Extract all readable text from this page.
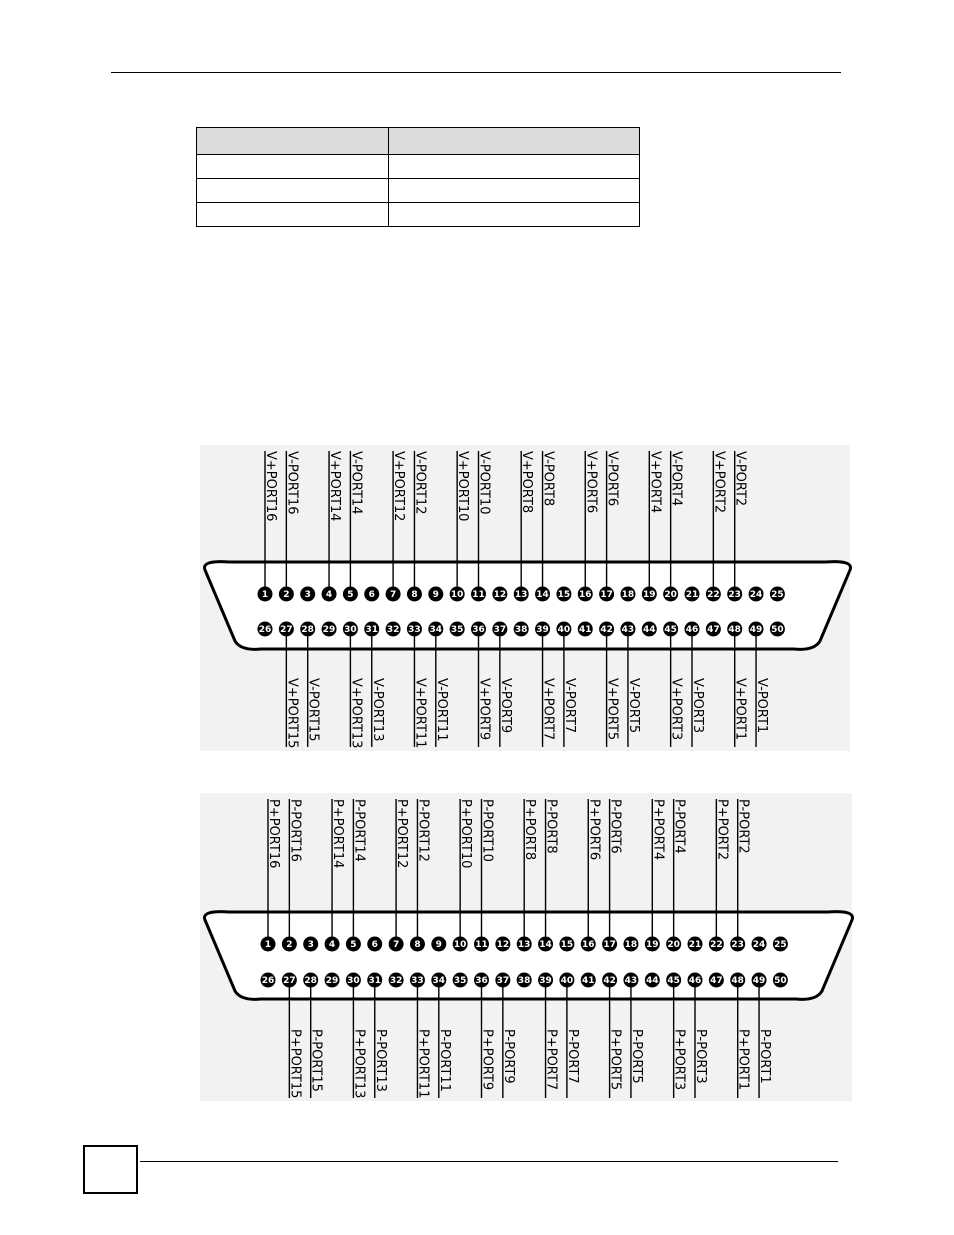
V+PORT16 V-PORT16 V+PORT14 V-PORT14 V+PORT12 V-PORT12 V+PORT10 V-PORT10 V+PORT8 V-PORT8 V+PORT6 V-PORT6 V+PORT4 V-PORT4 V+PORT2 V-PORT2
V+PORT15 V-PORT15 V+PORT13 V-PORT13 V+PORT11 V-PORT11 V+PORT9 V-PORT9 V+PORT7 V-PORT7 V+PORT5 V-PORT5 V+PORT3 V-PORT3 V+PORT1 V-PORT1
1 2 3 4 5 6 7 8 9 10 11 12 13 14 15 16 17 18 19 20 21 22 23 24 25
26 27 28 29 30 31 32 33 34 35 36 37 38 39 40 41 42 43 44 45 46 47 48 49 50
P+PORT16 P-PORT16 P+PORT14 P-PORT14 P+PORT12 P-PORT12 P+PORT10 P-PORT10 P+PORT8 P-PORT8 P+PORT6 P-PORT6 P+PORT4 P-PORT4 P+PORT2 P-PORT2
P+PORT15 P-PORT15 P+PORT13 P-PORT13 P+PORT11 P-PORT11 P+PORT9 P-PORT9 P+PORT7 P-PORT7 P+PORT5 P-PORT5 P+PORT3 P-PORT3 P+PORT1 P-PORT1
1 2 3 4 5 6 7 8 9 10 11 12 13 14 15 16 17 18 19 20 21 22 23 24 25
26 27 28 29 30 31 32 33 34 35 36 37 38 39 40 41 42 43 44 45 46 47 48 49 50
